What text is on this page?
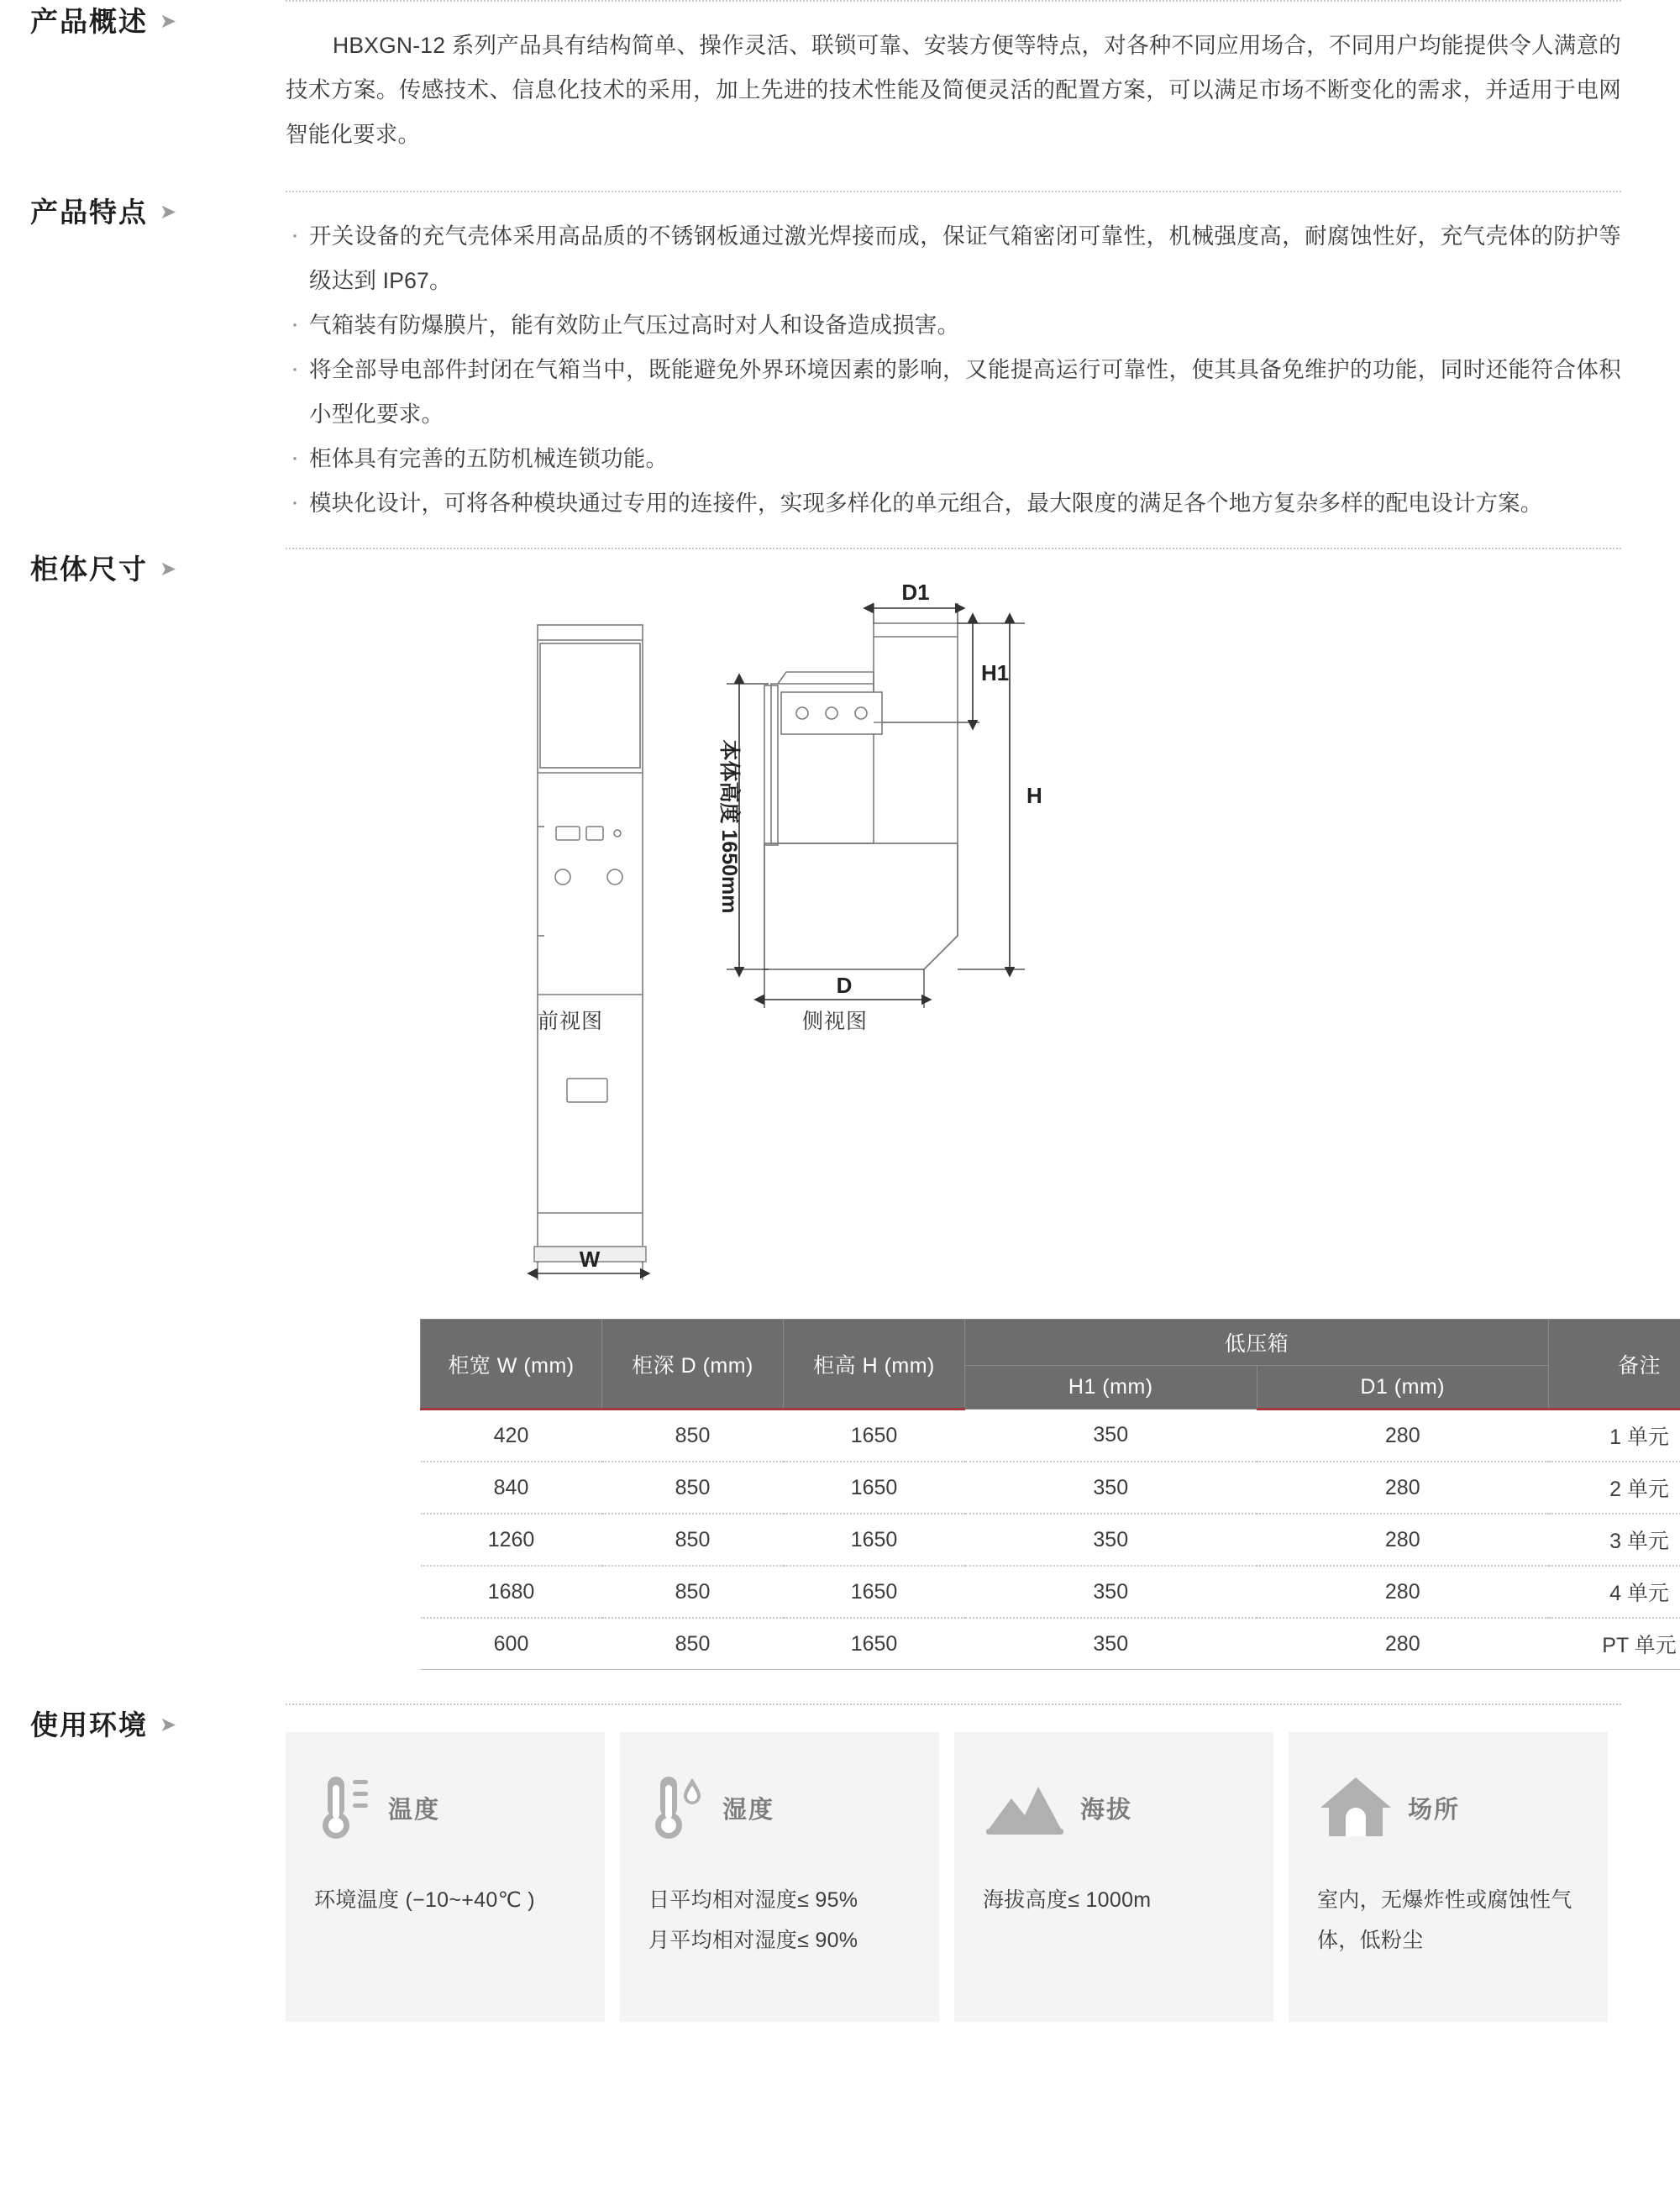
产品概述 ➤

HBXGN-12 系列产品具有结构简单、操作灵活、联锁可靠、安装方便等特点，对各种不同应用场合，不同用户均能提供令人满意的技术方案。传感技术、信息化技术的采用，加上先进的技术性能及简便灵活的配置方案，可以满足市场不断变化的需求，并适用于电网智能化要求。

产品特点 ➤
· 开关设备的充气壳体采用高品质的不锈钢板通过激光焊接而成，保证气箱密闭可靠性，机械强度高，耐腐蚀性好，充气壳体的防护等级达到 IP67。
· 气箱装有防爆膜片，能有效防止气压过高时对人和设备造成损害。
· 将全部导电部件封闭在气箱当中，既能避免外界环境因素的影响，又能提高运行可靠性，使其具备免维护的功能，同时还能符合体积小型化要求。
· 柜体具有完善的五防机械连锁功能。
· 模块化设计，可将各种模块通过专用的连接件，实现多样化的单元组合，最大限度的满足各个地方复杂多样的配电设计方案。
柜体尺寸 ➤
W
本体高度 1650mm	H
H1
D1
D
前视图	侧视图
柜宽 W (mm)	柜深 D (mm)	柜高 H (mm)	低压箱		备注
			H1 (mm)	D1 (mm)	
420	850	1650	350	280	1 单元
840	850	1650	350	280	2 单元
1260	850	1650	350	280	3 单元
1680	850	1650	350	280	4 单元
600	850	1650	350	280	PT 单元
使用环境 ➤
温度
环境温度 (−10~+40℃ )
湿度
日平均相对湿度≤ 95%
月平均相对湿度≤ 90%
海拔
海拔高度≤ 1000m
场所
室内，无爆炸性或腐蚀性气体，低粉尘
